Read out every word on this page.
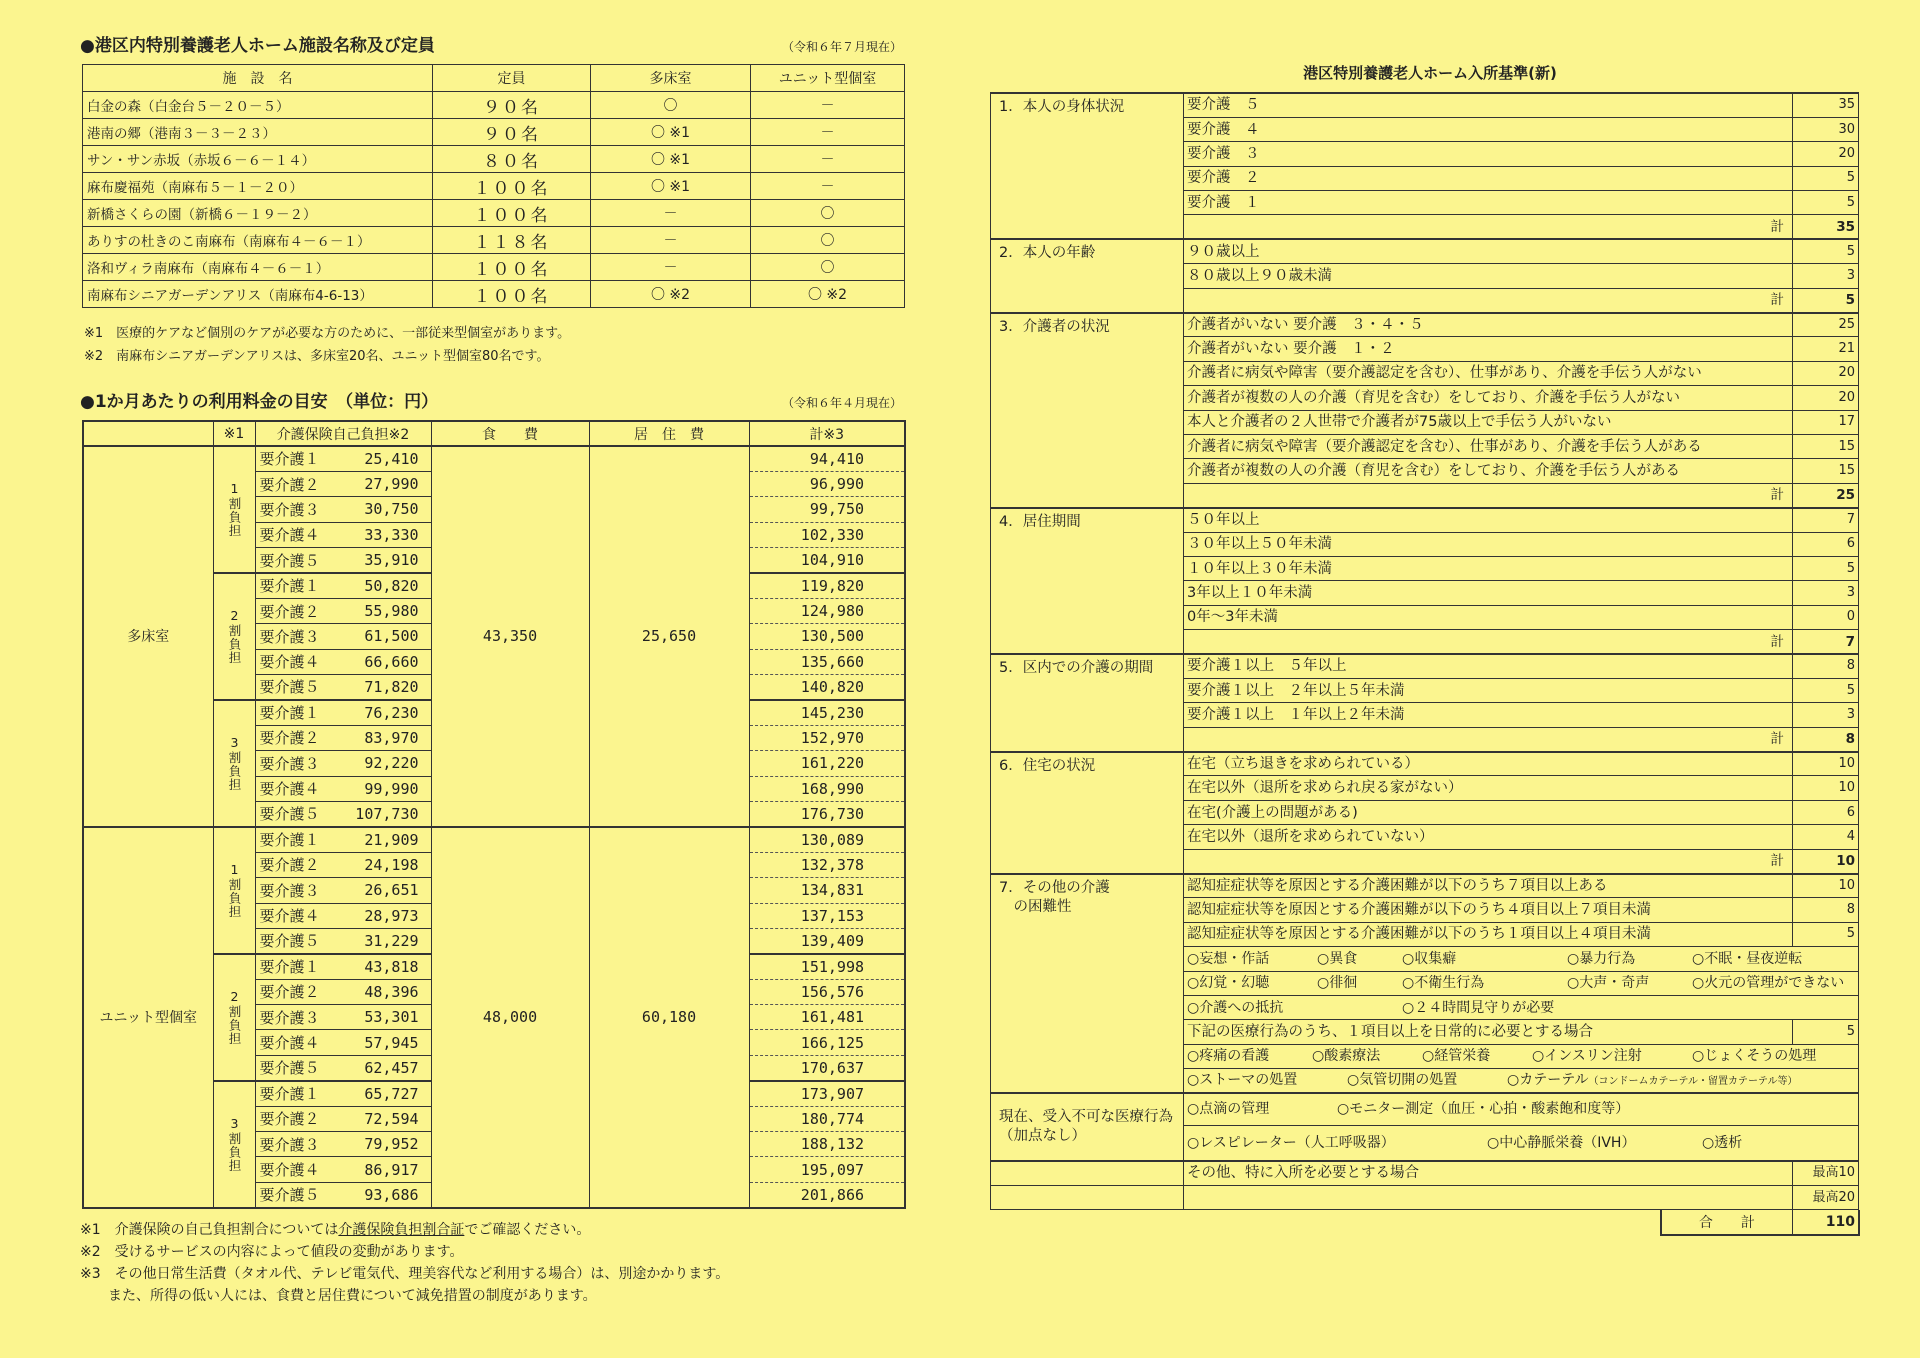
●港区内特別養護老人ホーム施設名称及び定員	（令和６年７月現在）
施　設　名	定員	多床室	ユニット型個室
白金の森（白金台５－２０－５）	９０名	〇	－
港南の郷（港南３－３－２３）	９０名	〇 ※1	－
サン・サン赤坂（赤坂６－６－１４）	８０名	〇 ※1	－
麻布慶福苑（南麻布５－１－２０）	１００名	〇 ※1	－
新橋さくらの園（新橋６－１９－２）	１００名	－	〇
ありすの杜きのこ南麻布（南麻布４－６－１）	１１８名	－	〇
洛和ヴィラ南麻布（南麻布４－６－１）	１００名	－	〇
南麻布シニアガーデンアリス（南麻布4-6-13）	１００名	〇 ※2	〇 ※2
※1　医療的ケアなど個別のケアが必要な方のために、一部従来型個室があります。
※2　南麻布シニアガーデンアリスは、多床室20名、ユニット型個室80名です。
●1か月あたりの利用料金の目安　（単位：円）	（令和６年４月現在）
	※1	介護保険自己負担※2		食　　費	居　住　費	計※3
多床室	1割負担	要介護１	25,410	43,350	25,650	94,410
		要介護２	27,990			96,990
		要介護３	30,750			99,750
		要介護４	33,330			102,330
		要介護５	35,910			104,910
	2割負担	要介護１	50,820			119,820
		要介護２	55,980			124,980
		要介護３	61,500			130,500
		要介護４	66,660			135,660
		要介護５	71,820			140,820
	3割負担	要介護１	76,230			145,230
		要介護２	83,970			152,970
		要介護３	92,220			161,220
		要介護４	99,990			168,990
		要介護５	107,730			176,730
ユニット型個室	1割負担	要介護１	21,909	48,000	60,180	130,089
		要介護２	24,198			132,378
		要介護３	26,651			134,831
		要介護４	28,973			137,153
		要介護５	31,229			139,409
	2割負担	要介護１	43,818			151,998
		要介護２	48,396			156,576
		要介護３	53,301			161,481
		要介護４	57,945			166,125
		要介護５	62,457			170,637
	3割負担	要介護１	65,727			173,907
		要介護２	72,594			180,774
		要介護３	79,952			188,132
		要介護４	86,917			195,097
		要介護５	93,686			201,866
※1　介護保険の自己負担割合については介護保険負担割合証でご確認ください。
※2　受けるサービスの内容によって値段の変動があります。
※3　その他日常生活費（タオル代、テレビ電気代、理美容代など利用する場合）は、別途かかります。
　　また、所得の低い人には、食費と居住費について減免措置の制度があります。
港区特別養護老人ホーム入所基準(新)
1．本人の身体状況	要介護　５	35
	要介護　４	30
	要介護　３	20
	要介護　２	5
	要介護　１	5
	計	35
2．本人の年齢	９０歳以上	5
	８０歳以上９０歳未満	3
	計	5
3．介護者の状況	介護者がいない 要介護　３・４・５	25
	介護者がいない 要介護　１・２	21
	介護者に病気や障害（要介護認定を含む）、仕事があり、介護を手伝う人がない	20
	介護者が複数の人の介護（育児を含む）をしており、介護を手伝う人がない	20
	本人と介護者の２人世帯で介護者が75歳以上で手伝う人がいない	17
	介護者に病気や障害（要介護認定を含む）、仕事があり、介護を手伝う人がある	15
	介護者が複数の人の介護（育児を含む）をしており、介護を手伝う人がある	15
	計	25
4．居住期間	５０年以上	7
	３０年以上５０年未満	6
	１０年以上３０年未満	5
	3年以上１０年未満	3
	0年～3年未満	0
	計	7
5．区内での介護の期間	要介護１以上　５年以上	8
	要介護１以上　２年以上５年未満	5
	要介護１以上　１年以上２年未満	3
	計	8
6．住宅の状況	在宅（立ち退きを求められている）	10
	在宅以外（退所を求められ戻る家がない）	10
	在宅(介護上の問題がある)	6
	在宅以外（退所を求められていない）	4
	計	10
7．その他の介護
　の困難性	認知症症状等を原因とする介護困難が以下のうち７項目以上ある	10
	認知症症状等を原因とする介護困難が以下のうち４項目以上７項目未満	8
	認知症症状等を原因とする介護困難が以下のうち１項目以上４項目未満	5
	○妄想・作話 ○異食 ○収集癖 ○暴力行為 ○不眠・昼夜逆転	
	○幻覚・幻聴 ○徘徊 ○不衛生行為 ○大声・奇声 ○火元の管理ができない	
	○介護への抵抗 ○２４時間見守りが必要	
	下記の医療行為のうち、１項目以上を日常的に必要とする場合	5
	○疼痛の看護 ○酸素療法 ○経管栄養 ○インスリン注射 ○じょくそうの処理	
	○ストーマの処置 ○気管切開の処置 ○カテーテル（コンドームカテーテル・留置カテーテル等）	
現在、受入不可な医療行為
（加点なし）	○点滴の管理 ○モニター測定（血圧・心拍・酸素飽和度等）	
	○レスピレーター（人工呼吸器） ○中心静脈栄養（IVH） ○透析	
	その他、特に入所を必要とする場合	最高10
		最高20
合　　計	110
